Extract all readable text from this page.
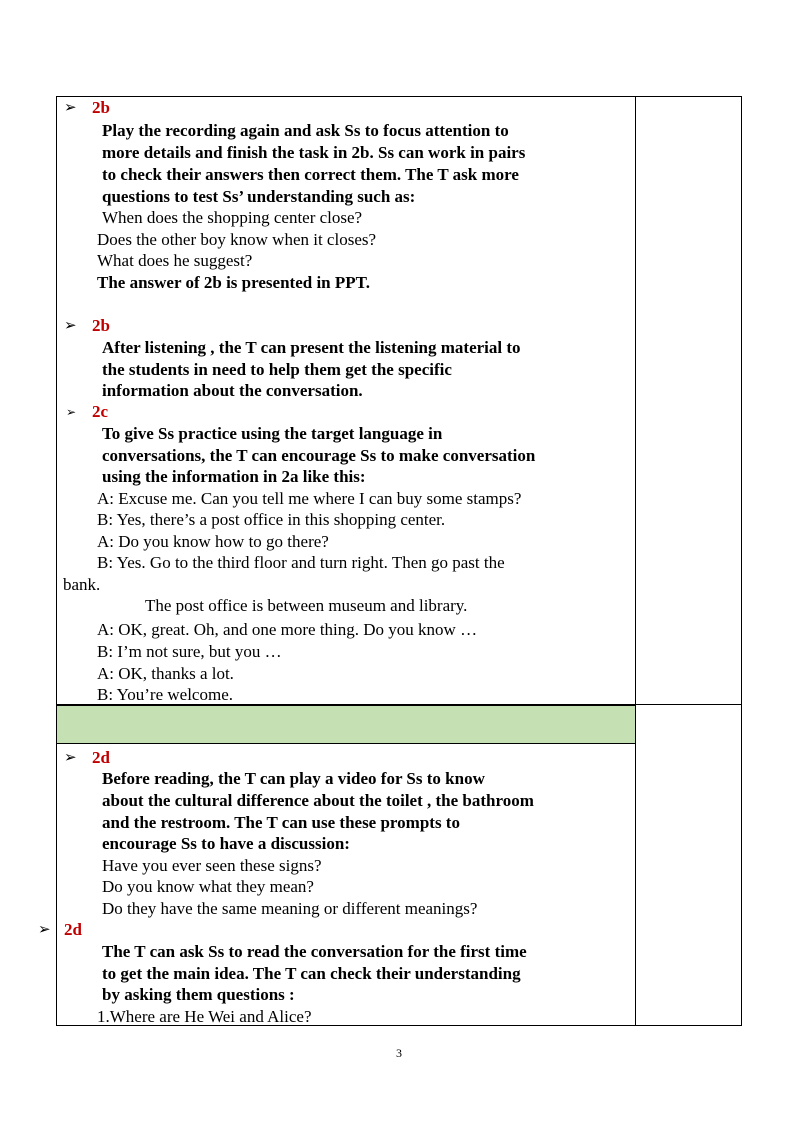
➢ 2b
Play the recording again and ask Ss to focus attention to
more details and finish the task in 2b. Ss can work in pairs
to check their answers then correct them. The T ask more
questions to test Ss’ understanding such as:
When does the shopping center close?
Does the other boy know when it closes?
What does he suggest?
The answer of 2b is presented in PPT.
➢ 2b
After listening , the T can present the listening material to
the students in need to help them get the specific
information about the conversation.
➢ 2c
To give Ss practice using the target language in
conversations, the T can encourage Ss to make conversation
using the information in 2a like this:
A: Excuse me. Can you tell me where I can buy some stamps?
B: Yes, there’s a post office in this shopping center.
A: Do you know how to go there?
B: Yes. Go to the third floor and turn right. Then go past the
bank.
The post office is between museum and library.
A: OK, great. Oh, and one more thing. Do you know …
B: I’m not sure, but you …
A: OK, thanks a lot.
B: You’re welcome.
➢ 2d
Before reading, the T can play a video for Ss to know
about the cultural difference about the toilet , the bathroom
and the restroom. The T can use these prompts to
encourage Ss to have a discussion:
Have you ever seen these signs?
Do you know what they mean?
Do they have the same meaning or different meanings?
➢ 2d
The T can ask Ss to read the conversation for the first time
to get the main idea. The T can check their understanding
by asking them questions :
1.Where are He Wei and Alice?
3
